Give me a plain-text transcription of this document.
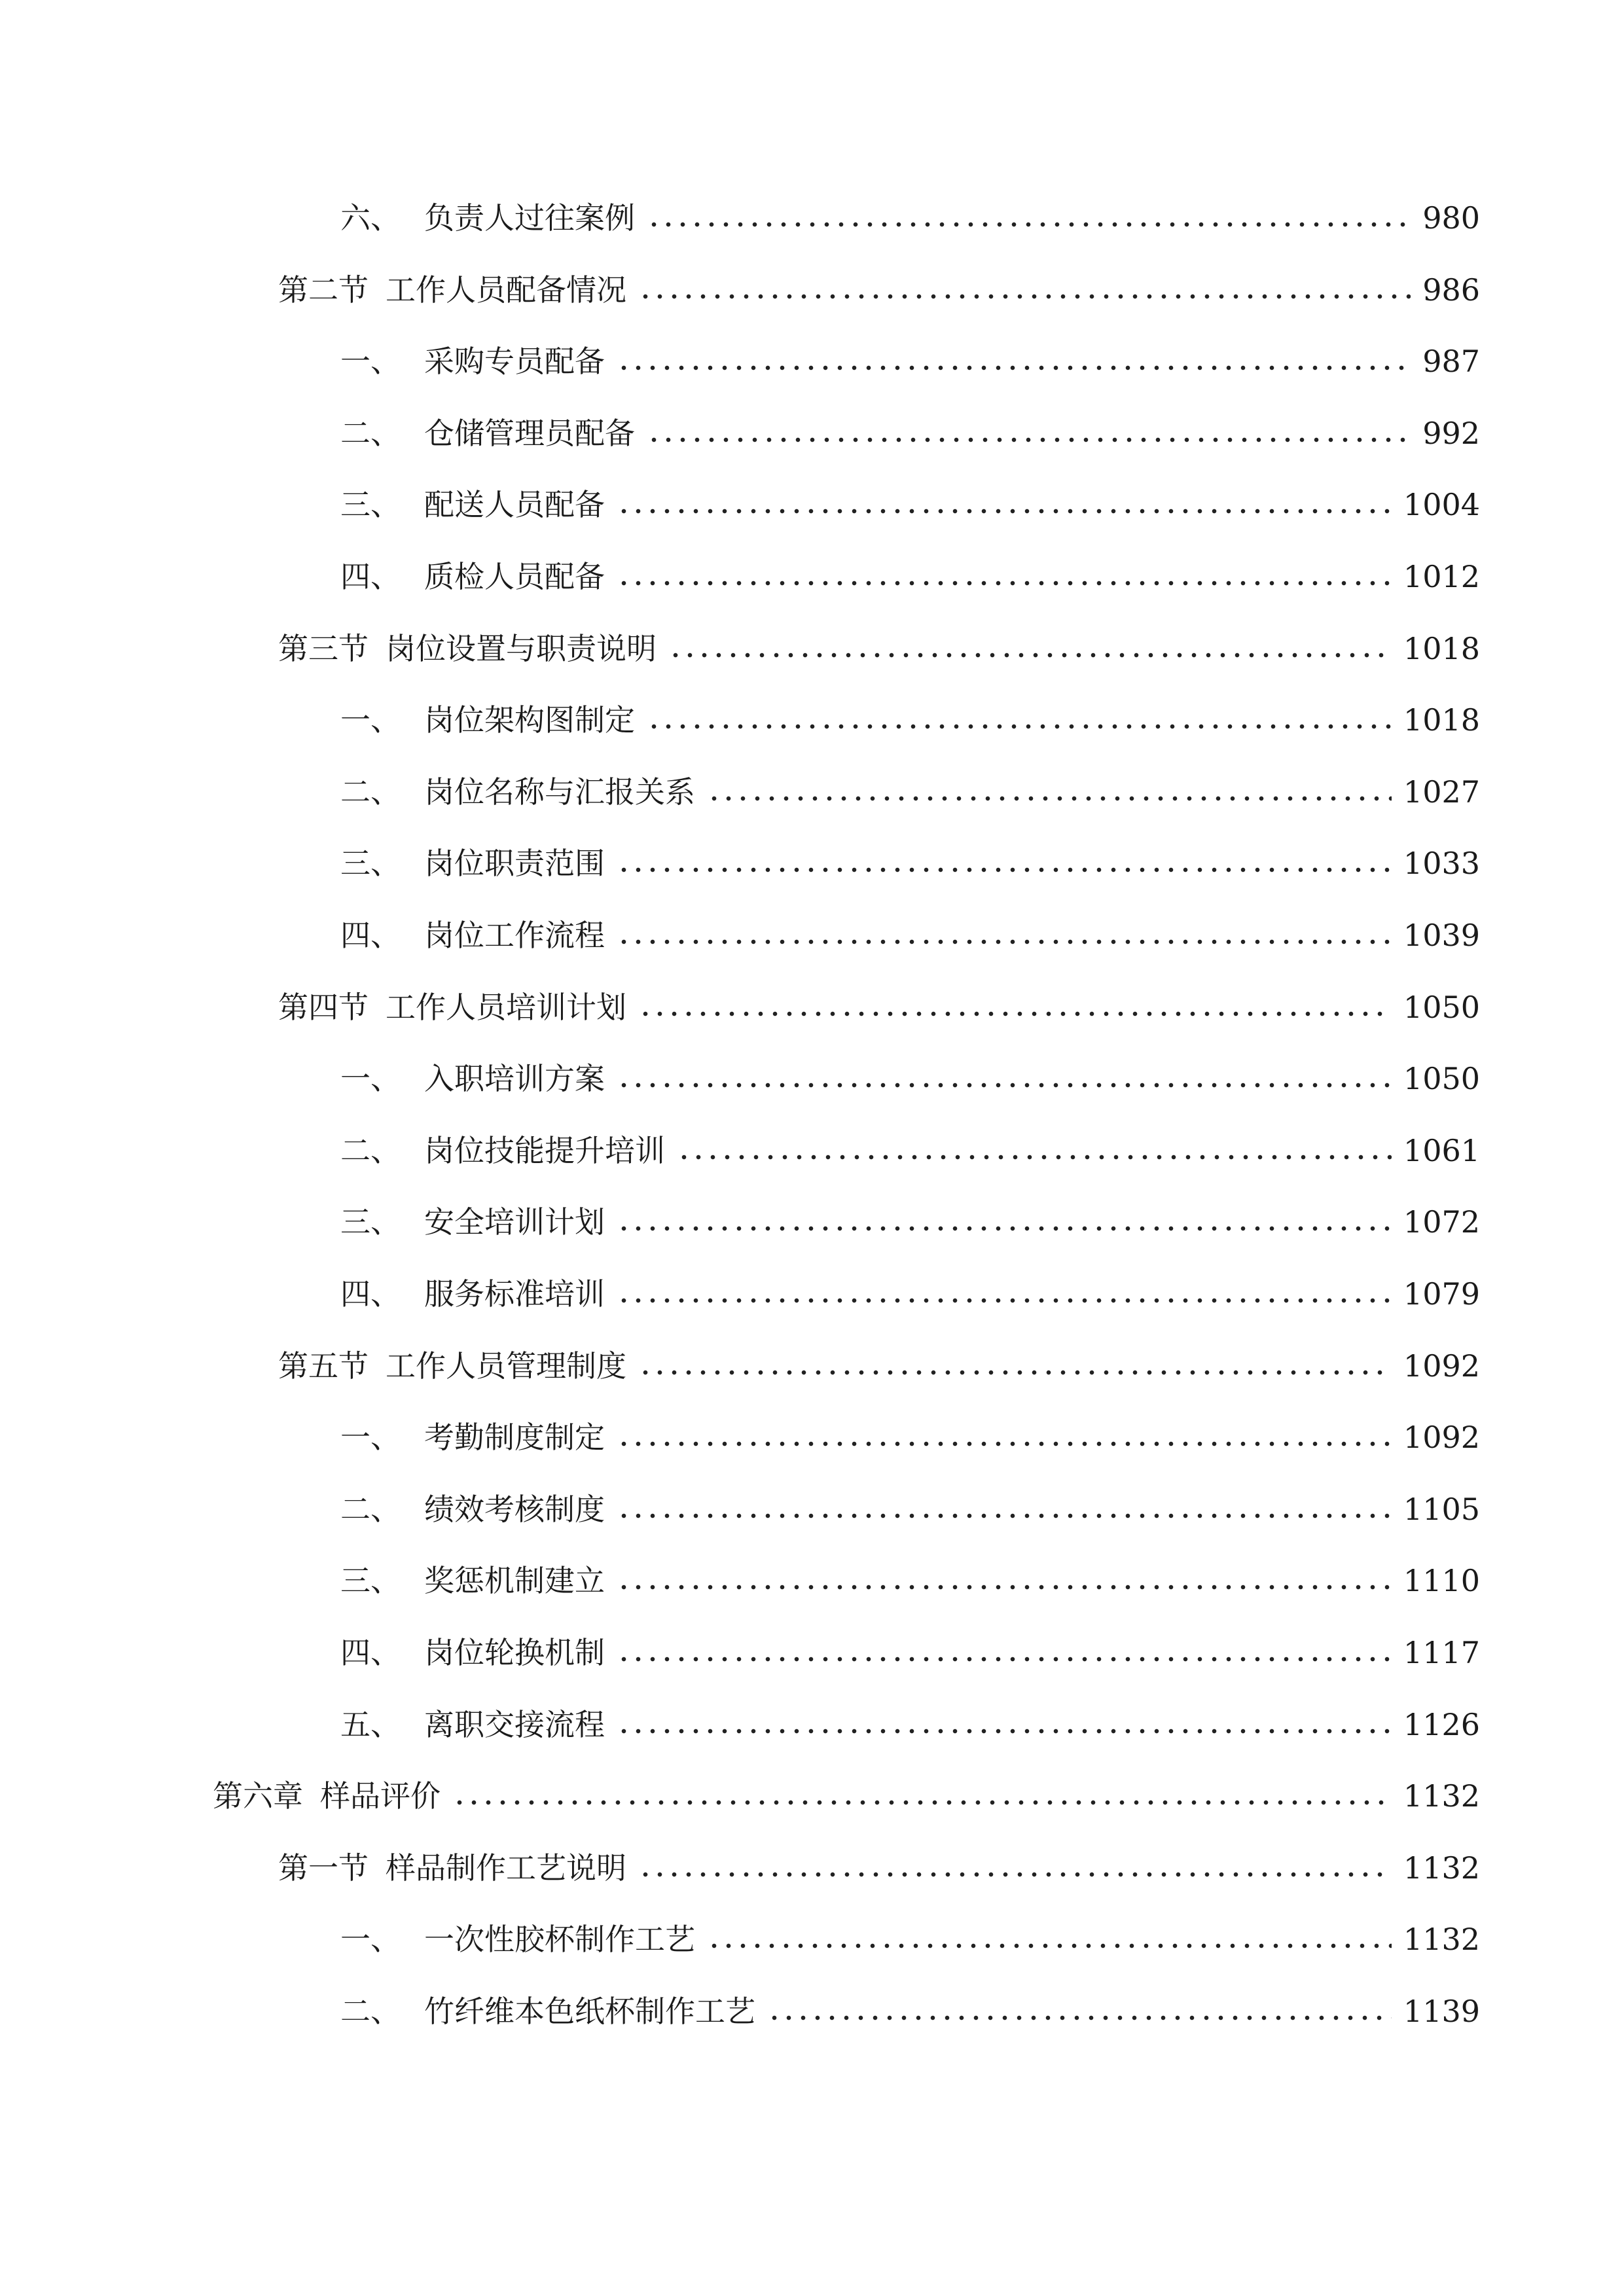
六、 负责人过往案例	980
第二节 工作人员配备情况	986
一、 采购专员配备	987
二、 仓储管理员配备	992
三、 配送人员配备	1004
四、 质检人员配备	1012
第三节 岗位设置与职责说明	1018
一、 岗位架构图制定	1018
二、 岗位名称与汇报关系	1027
三、 岗位职责范围	1033
四、 岗位工作流程	1039
第四节 工作人员培训计划	1050
一、 入职培训方案	1050
二、 岗位技能提升培训	1061
三、 安全培训计划	1072
四、 服务标准培训	1079
第五节 工作人员管理制度	1092
一、 考勤制度制定	1092
二、 绩效考核制度	1105
三、 奖惩机制建立	1110
四、 岗位轮换机制	1117
五、 离职交接流程	1126
第六章 样品评价	1132
第一节 样品制作工艺说明	1132
一、 一次性胶杯制作工艺	1132
二、 竹纤维本色纸杯制作工艺	1139
